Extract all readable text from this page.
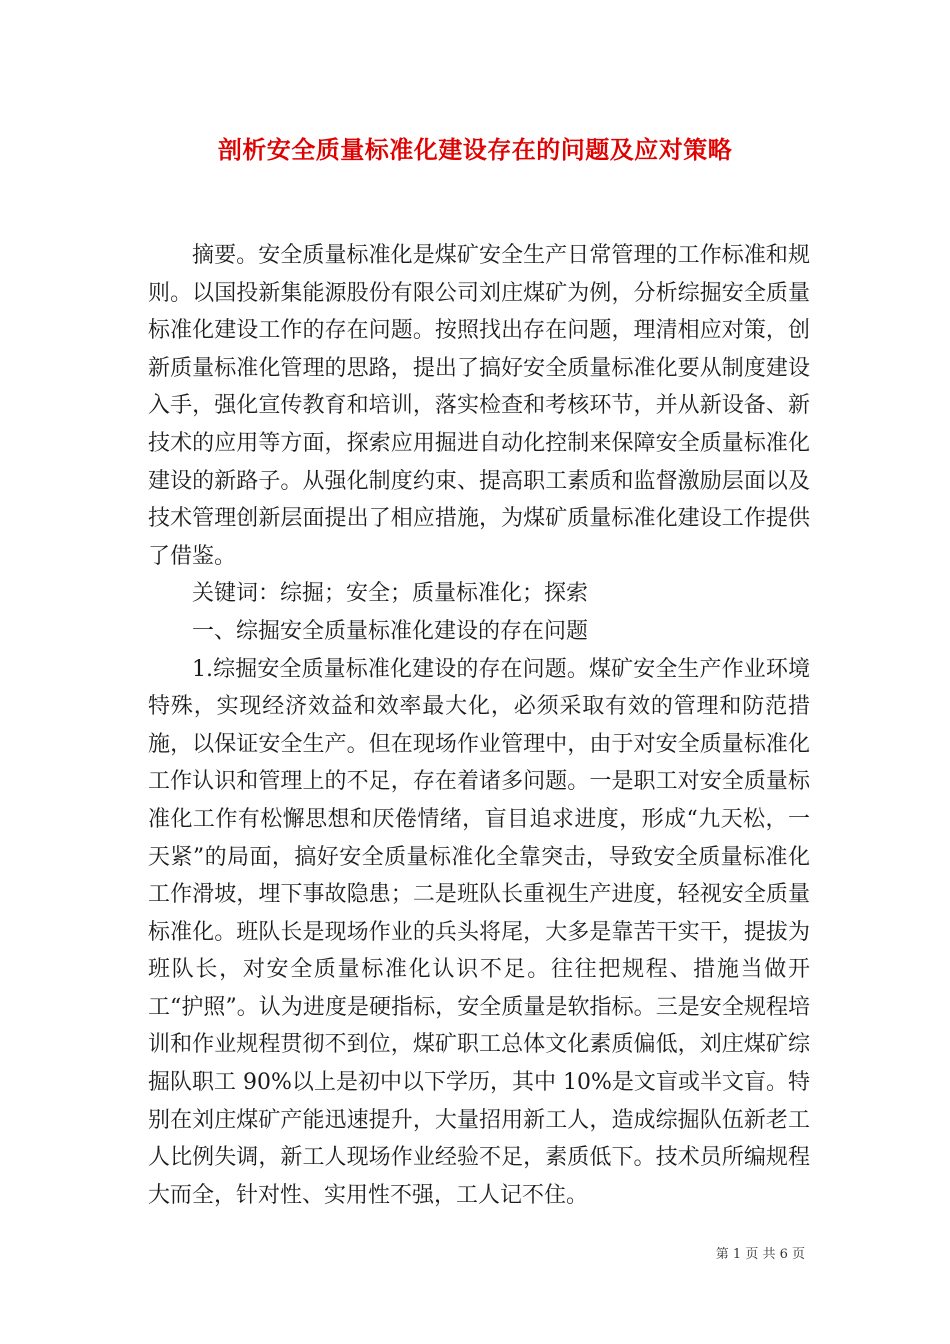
剖析安全质量标准化建设存在的问题及应对策略

摘要。安全质量标准化是煤矿安全生产日常管理的工作标准和规则。以国投新集能源股份有限公司刘庄煤矿为例，分析综掘安全质量标准化建设工作的存在问题。按照找出存在问题，理清相应对策，创新质量标准化管理的思路，提出了搞好安全质量标准化要从制度建设入手，强化宣传教育和培训，落实检查和考核环节，并从新设备、新技术的应用等方面，探索应用掘进自动化控制来保障安全质量标准化建设的新路子。从强化制度约束、提高职工素质和监督激励层面以及技术管理创新层面提出了相应措施，为煤矿质量标准化建设工作提供了借鉴。

关键词：综掘；安全；质量标准化；探索

一、综掘安全质量标准化建设的存在问题

1.综掘安全质量标准化建设的存在问题。煤矿安全生产作业环境特殊，实现经济效益和效率最大化，必须采取有效的管理和防范措施，以保证安全生产。但在现场作业管理中，由于对安全质量标准化工作认识和管理上的不足，存在着诸多问题。一是职工对安全质量标准化工作有松懈思想和厌倦情绪，盲目追求进度，形成“九天松，一天紧”的局面，搞好安全质量标准化全靠突击，导致安全质量标准化工作滑坡，埋下事故隐患；二是班队长重视生产进度，轻视安全质量标准化。班队长是现场作业的兵头将尾，大多是靠苦干实干，提拔为班队长，对安全质量标准化认识不足。往往把规程、措施当做开工“护照”。认为进度是硬指标，安全质量是软指标。三是安全规程培训和作业规程贯彻不到位，煤矿职工总体文化素质偏低，刘庄煤矿综掘队职工 90%以上是初中以下学历，其中 10%是文盲或半文盲。特别在刘庄煤矿产能迅速提升，大量招用新工人，造成综掘队伍新老工人比例失调，新工人现场作业经验不足，素质低下。技术员所编规程大而全，针对性、实用性不强，工人记不住。

第 1 页 共 6 页
